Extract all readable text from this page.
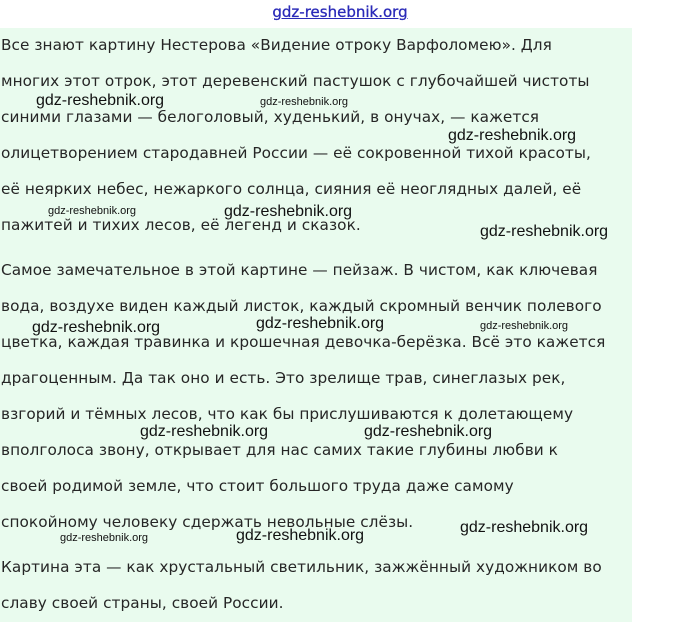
gdz-reshebnik.org
Все знают картину Нестерова «Видение отроку Варфоломею». Для
многих этот отрок, этот деревенский пастушок с глубочайшей чистоты
синими глазами — белоголовый, худенький, в онучах, — кажется
олицетворением стародавней России — её сокровенной тихой красоты,
её неярких небес, нежаркого солнца, сияния её неоглядных далей, её
пажитей и тихих лесов, её легенд и сказок.
Самое замечательное в этой картине — пейзаж. В чистом, как ключевая
вода, воздухе виден каждый листок, каждый скромный венчик полевого
цветка, каждая травинка и крошечная девочка-берёзка. Всё это кажется
драгоценным. Да так оно и есть. Это зрелище трав, синеглазых рек,
взгорий и тёмных лесов, что как бы прислушиваются к долетающему
вполголоса звону, открывает для нас самих такие глубины любви к
своей родимой земле, что стоит большого труда даже самому
спокойному человеку сдержать невольные слёзы.
Картина эта — как хрустальный светильник, зажжённый художником во
славу своей страны, своей России.
gdz-reshebnik.org	gdz-reshebnik.org
gdz-reshebnik.org
gdz-reshebnik.org	gdz-reshebnik.org
gdz-reshebnik.org
gdz-reshebnik.org	gdz-reshebnik.org	gdz-reshebnik.org
gdz-reshebnik.org	gdz-reshebnik.org
gdz-reshebnik.org
gdz-reshebnik.org	gdz-reshebnik.org
